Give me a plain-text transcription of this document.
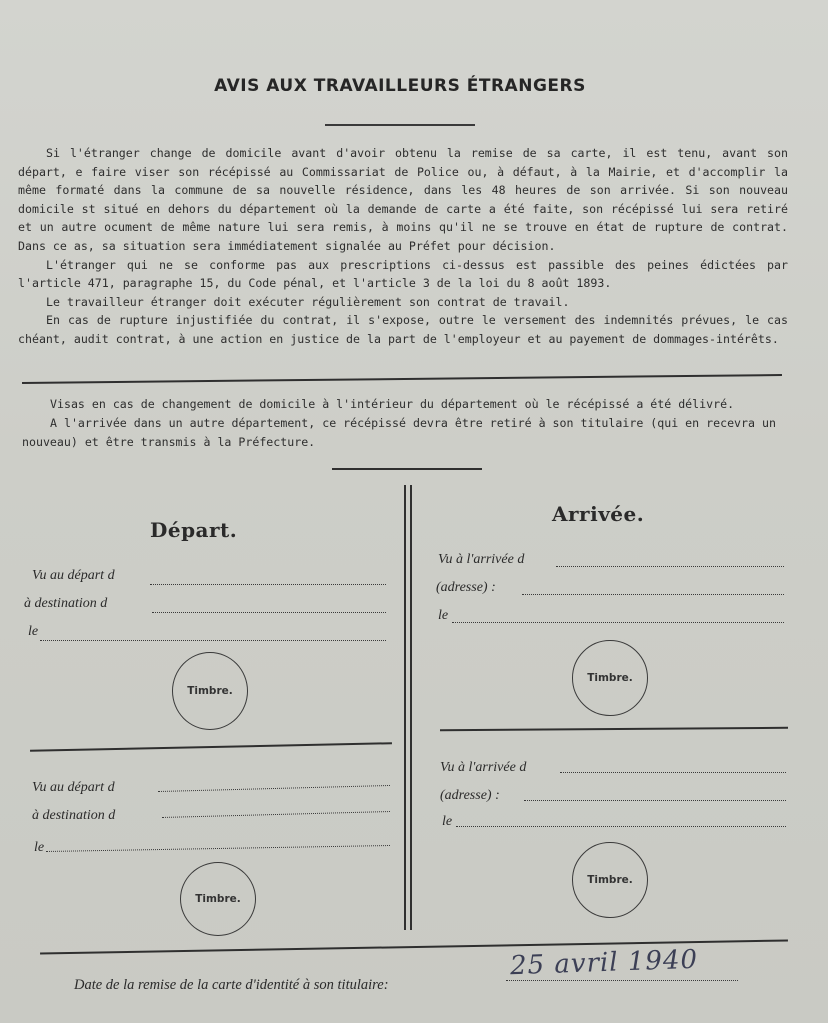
AVIS AUX TRAVAILLEURS ÉTRANGERS

Si l'étranger change de domicile avant d'avoir obtenu la remise de sa carte, il est tenu, avant son départ, e faire viser son récépissé au Commissariat de Police ou, à défaut, à la Mairie, et d'accomplir la même formaté dans la commune de sa nouvelle résidence, dans les 48 heures de son arrivée. Si son nouveau domicile st situé en dehors du département où la demande de carte a été faite, son récépissé lui sera retiré et un autre ocument de même nature lui sera remis, à moins qu'il ne se trouve en état de rupture de contrat. Dans ce as, sa situation sera immédiatement signalée au Préfet pour décision.

L'étranger qui ne se conforme pas aux prescriptions ci-dessus est passible des peines édictées par l'article 471, paragraphe 15, du Code pénal, et l'article 3 de la loi du 8 août 1893.

Le travailleur étranger doit exécuter régulièrement son contrat de travail.

En cas de rupture injustifiée du contrat, il s'expose, outre le versement des indemnités prévues, le cas chéant, audit contrat, à une action en justice de la part de l'employeur et au payement de dommages-intérêts.

Visas en cas de changement de domicile à l'intérieur du département où le récépissé a été délivré.

A l'arrivée dans un autre département, ce récépissé devra être retiré à son titulaire (qui en recevra un nouveau) et être transmis à la Préfecture.

Départ.
Vu au départ d
à destination d
le
Timbre.
Vu au départ d
à destination d
le
Timbre.
Arrivée.
Vu à l'arrivée d
(adresse) :
le
Timbre.
Vu à l'arrivée d
(adresse) :
le
Timbre.
Date de la remise de la carte d'identité à son titulaire:
25 avril 1940
